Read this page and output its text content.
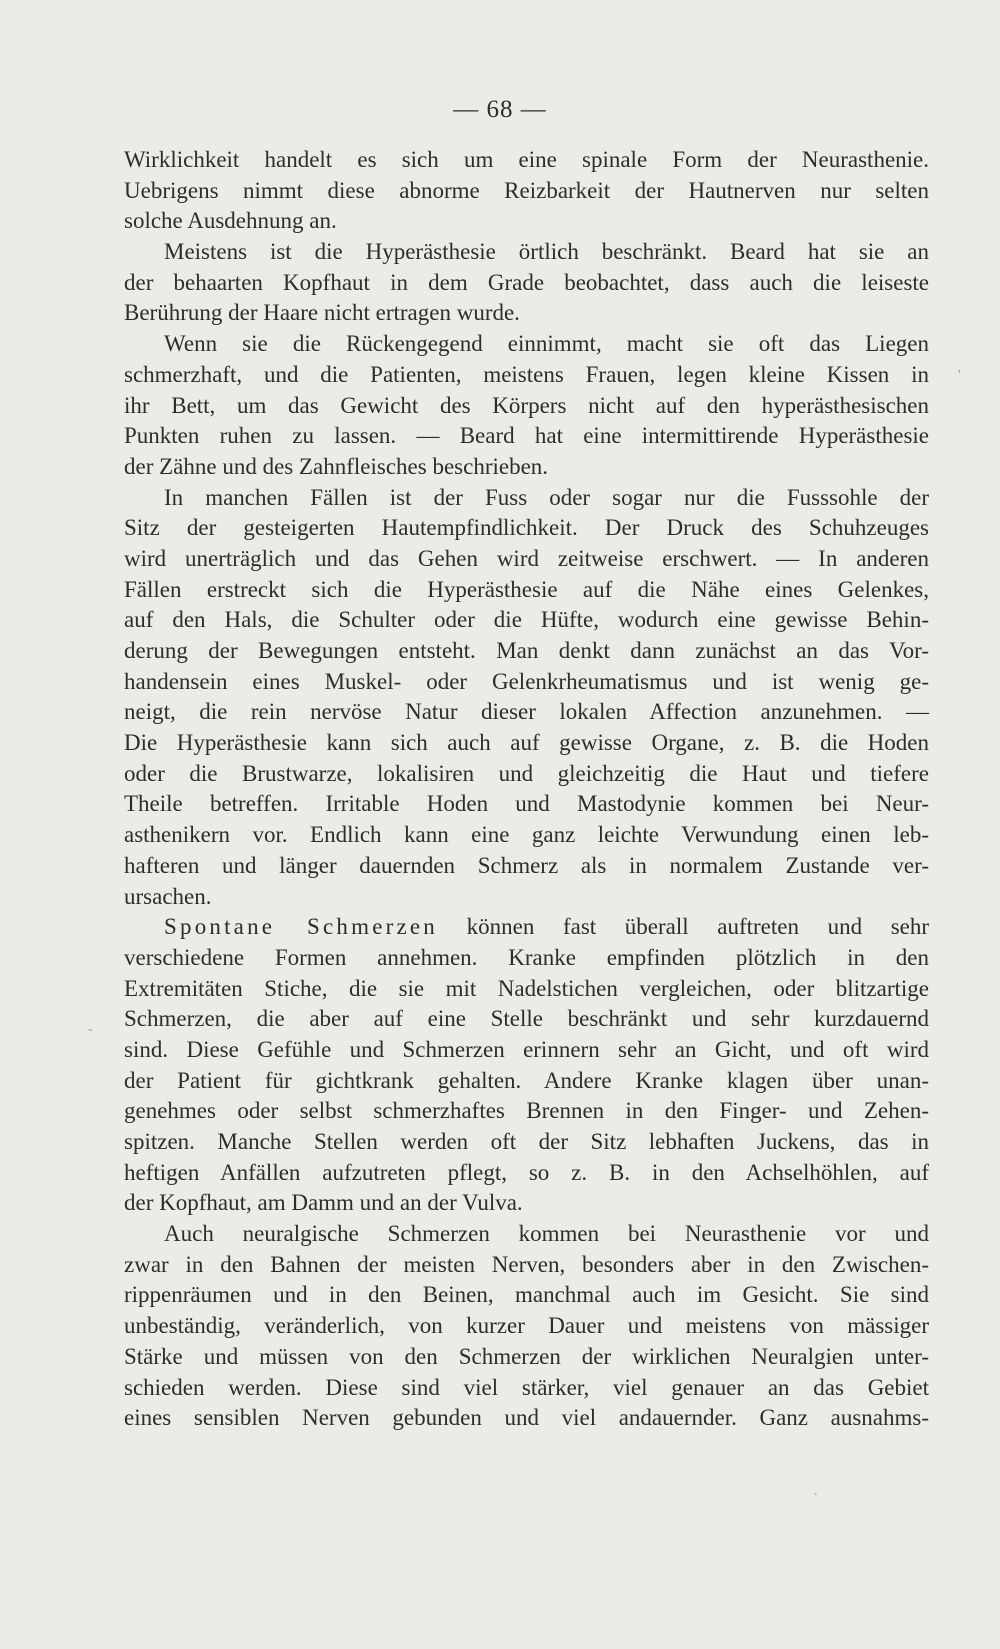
— 68 —
Wirklichkeit handelt es sich um eine spinale Form der Neurasthenie.
Uebrigens nimmt diese abnorme Reizbarkeit der Hautnerven nur selten
solche Ausdehnung an.
Meistens ist die Hyperästhesie örtlich beschränkt. Beard hat sie an
der behaarten Kopfhaut in dem Grade beobachtet, dass auch die leiseste
Berührung der Haare nicht ertragen wurde.
Wenn sie die Rückengegend einnimmt, macht sie oft das Liegen
schmerzhaft, und die Patienten, meistens Frauen, legen kleine Kissen in
ihr Bett, um das Gewicht des Körpers nicht auf den hyperästhesischen
Punkten ruhen zu lassen. — Beard hat eine intermittirende Hyperästhesie
der Zähne und des Zahnfleisches beschrieben.
In manchen Fällen ist der Fuss oder sogar nur die Fusssohle der
Sitz der gesteigerten Hautempfindlichkeit. Der Druck des Schuhzeuges
wird unerträglich und das Gehen wird zeitweise erschwert. — In anderen
Fällen erstreckt sich die Hyperästhesie auf die Nähe eines Gelenkes,
auf den Hals, die Schulter oder die Hüfte, wodurch eine gewisse Behin-
derung der Bewegungen entsteht. Man denkt dann zunächst an das Vor-
handensein eines Muskel- oder Gelenkrheumatismus und ist wenig ge-
neigt, die rein nervöse Natur dieser lokalen Affection anzunehmen. —
Die Hyperästhesie kann sich auch auf gewisse Organe, z. B. die Hoden
oder die Brustwarze, lokalisiren und gleichzeitig die Haut und tiefere
Theile betreffen. Irritable Hoden und Mastodynie kommen bei Neur-
asthenikern vor. Endlich kann eine ganz leichte Verwundung einen leb-
hafteren und länger dauernden Schmerz als in normalem Zustande ver-
ursachen.
Spontane Schmerzen können fast überall auftreten und sehr
verschiedene Formen annehmen. Kranke empfinden plötzlich in den
Extremitäten Stiche, die sie mit Nadelstichen vergleichen, oder blitzartige
Schmerzen, die aber auf eine Stelle beschränkt und sehr kurzdauernd
sind. Diese Gefühle und Schmerzen erinnern sehr an Gicht, und oft wird
der Patient für gichtkrank gehalten. Andere Kranke klagen über unan-
genehmes oder selbst schmerzhaftes Brennen in den Finger- und Zehen-
spitzen. Manche Stellen werden oft der Sitz lebhaften Juckens, das in
heftigen Anfällen aufzutreten pflegt, so z. B. in den Achselhöhlen, auf
der Kopfhaut, am Damm und an der Vulva.
Auch neuralgische Schmerzen kommen bei Neurasthenie vor und
zwar in den Bahnen der meisten Nerven, besonders aber in den Zwischen-
rippenräumen und in den Beinen, manchmal auch im Gesicht. Sie sind
unbeständig, veränderlich, von kurzer Dauer und meistens von mässiger
Stärke und müssen von den Schmerzen der wirklichen Neuralgien unter-
schieden werden. Diese sind viel stärker, viel genauer an das Gebiet
eines sensiblen Nerven gebunden und viel andauernder. Ganz ausnahms-
'
-
.
